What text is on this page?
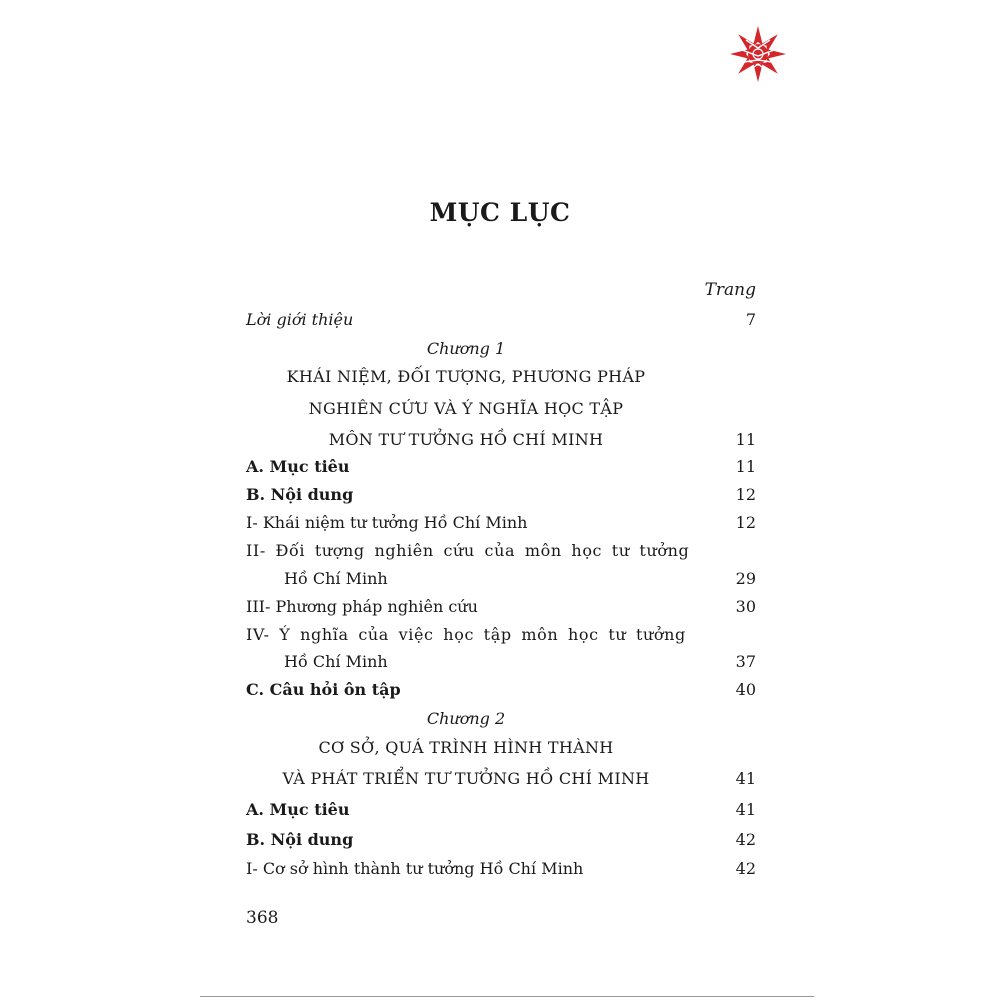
MỤC LỤC
Trang
Lời giới thiệu	7
Chương 1
KHÁI NIỆM, ĐỐI TƯỢNG, PHƯƠNG PHÁP
NGHIÊN CỨU VÀ Ý NGHĨA HỌC TẬP
MÔN TƯ TƯỞNG HỒ CHÍ MINH	11
A. Mục tiêu	11
B. Nội dung	12
I- Khái niệm tư tưởng Hồ Chí Minh	12
II- Đối tượng nghiên cứu của môn học tư tưởng
Hồ Chí Minh	29
III- Phương pháp nghiên cứu	30
IV- Ý nghĩa của việc học tập môn học tư tưởng
Hồ Chí Minh	37
C. Câu hỏi ôn tập	40
Chương 2
CƠ SỞ, QUÁ TRÌNH HÌNH THÀNH
VÀ PHÁT TRIỂN TƯ TƯỞNG HỒ CHÍ MINH	41
A. Mục tiêu	41
B. Nội dung	42
I- Cơ sở hình thành tư tưởng Hồ Chí Minh	42
368
